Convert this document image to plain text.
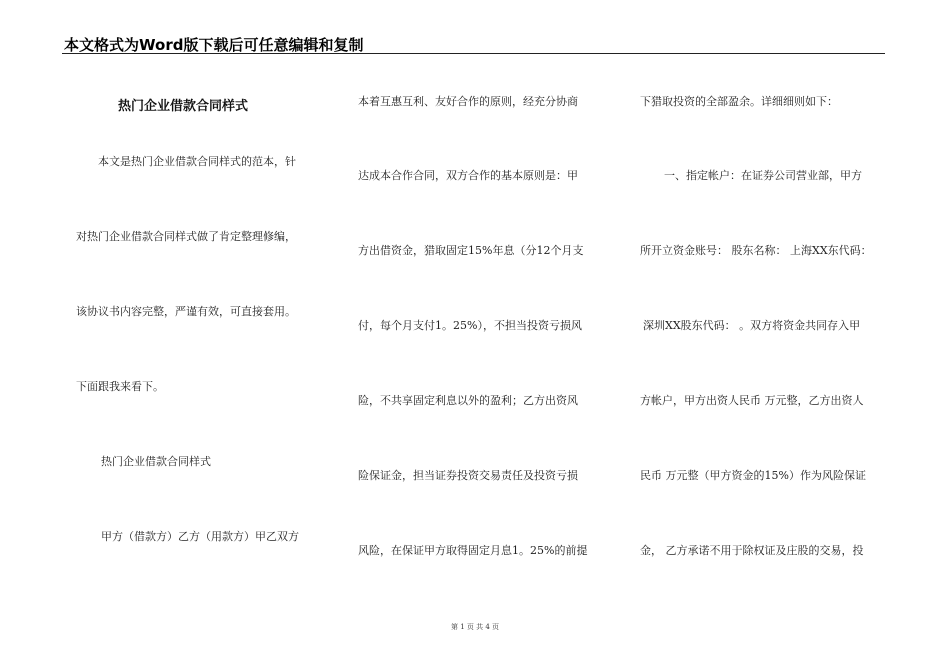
本文格式为Word版下载后可任意编辑和复制
热门企业借款合同样式
本文是热门企业借款合同样式的范本，针
对热门企业借款合同样式做了肯定整理修编，
该协议书内容完整，严谨有效，可直接套用。
下面跟我来看下。
热门企业借款合同样式
甲方（借款方）乙方（用款方）甲乙双方
本着互惠互利、友好合作的原则，经充分协商
达成本合作合同，双方合作的基本原则是：甲
方出借资金，猎取固定15%年息（分12个月支
付，每个月支付1。25%），不担当投资亏损风
险，不共享固定利息以外的盈利；乙方出资风
险保证金，担当证券投资交易责任及投资亏损
风险，在保证甲方取得固定月息1。25%的前提
下猎取投资的全部盈余。详细细则如下：
一、指定帐户：在证券公司营业部，甲方
所开立资金账号： 股东名称： 上海XX东代码：
深圳XX股东代码： 。双方将资金共同存入甲
方帐户，甲方出资人民币 万元整，乙方出资人
民币 万元整（甲方资金的15%）作为风险保证
金， 乙方承诺不用于除权证及庄股的交易，投
第 1 页 共 4 页
